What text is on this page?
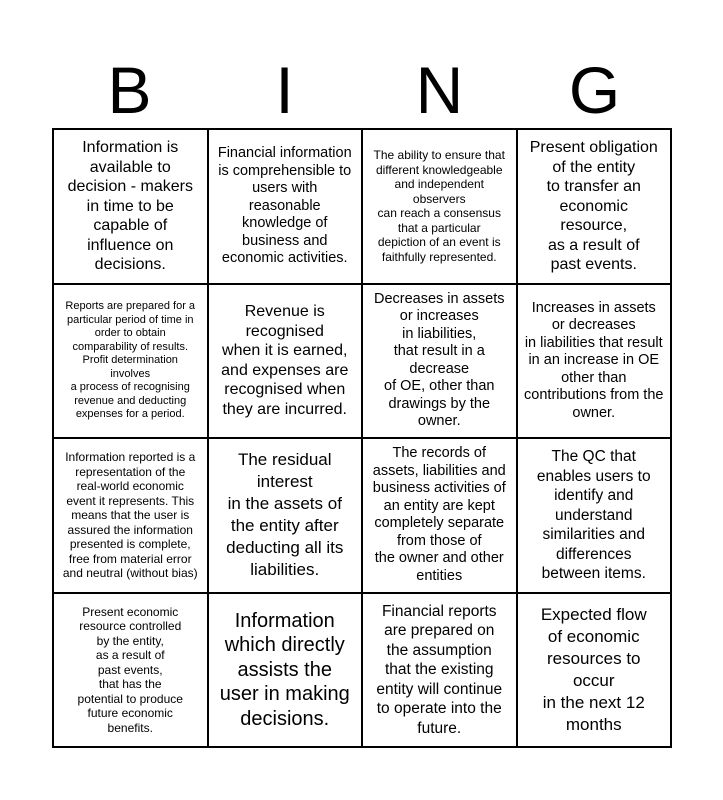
B	I	N	G
Information is
available to
decision - makers
in time to be
capable of
influence on
decisions.
Financial information
is comprehensible to
users with
reasonable
knowledge of
business and
economic activities.
The ability to ensure that
different knowledgeable
and independent
observers
can reach a consensus
that a particular
depiction of an event is
faithfully represented.
Present obligation
of the entity
to transfer an
economic
resource,
as a result of
past events.
Reports are prepared for a
particular period of time in
order to obtain
comparability of results.
Profit determination
involves
a process of recognising
revenue and deducting
expenses for a period.
Revenue is
recognised
when it is earned,
and expenses are
recognised when
they are incurred.
Decreases in assets
or increases
in liabilities,
that result in a
decrease
of OE, other than
drawings by the
owner.
Increases in assets
or decreases
in liabilities that result
in an increase in OE
other than
contributions from the
owner.
Information reported is a
representation of the
real-world economic
event it represents. This
means that the user is
assured the information
presented is complete,
free from material error
and neutral (without bias)
The residual
interest
in the assets of
the entity after
deducting all its
liabilities.
The records of
assets, liabilities and
business activities of
an entity are kept
completely separate
from those of
the owner and other
entities
The QC that
enables users to
identify and
understand
similarities and
differences
between items.
Present economic
resource controlled
by the entity,
as a result of
past events,
that has the
potential to produce
future economic
benefits.
Information
which directly
assists the
user in making
decisions.
Financial reports
are prepared on
the assumption
that the existing
entity will continue
to operate into the
future.
Expected flow
of economic
resources to
occur
in the next 12
months
